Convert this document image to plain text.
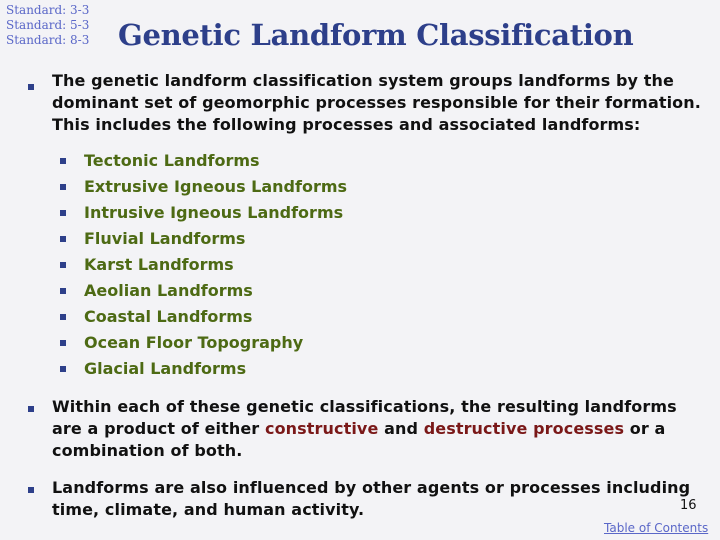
Standard: 3-3
Standard: 5-3
Standard: 8-3 Genetic Landform Classification
The genetic landform classification system groups landforms by the dominant set of geomorphic processes responsible for their formation. This includes the following processes and associated landforms:
Tectonic Landforms
Extrusive Igneous Landforms
Intrusive Igneous Landforms
Fluvial Landforms
Karst Landforms
Aeolian Landforms
Coastal Landforms
Ocean Floor Topography
Glacial Landforms
Within each of these genetic classifications, the resulting landforms are a product of either constructive and destructive processes or a combination of both.
Landforms are also influenced by other agents or processes including time, climate, and human activity.	16
Table of Contents
